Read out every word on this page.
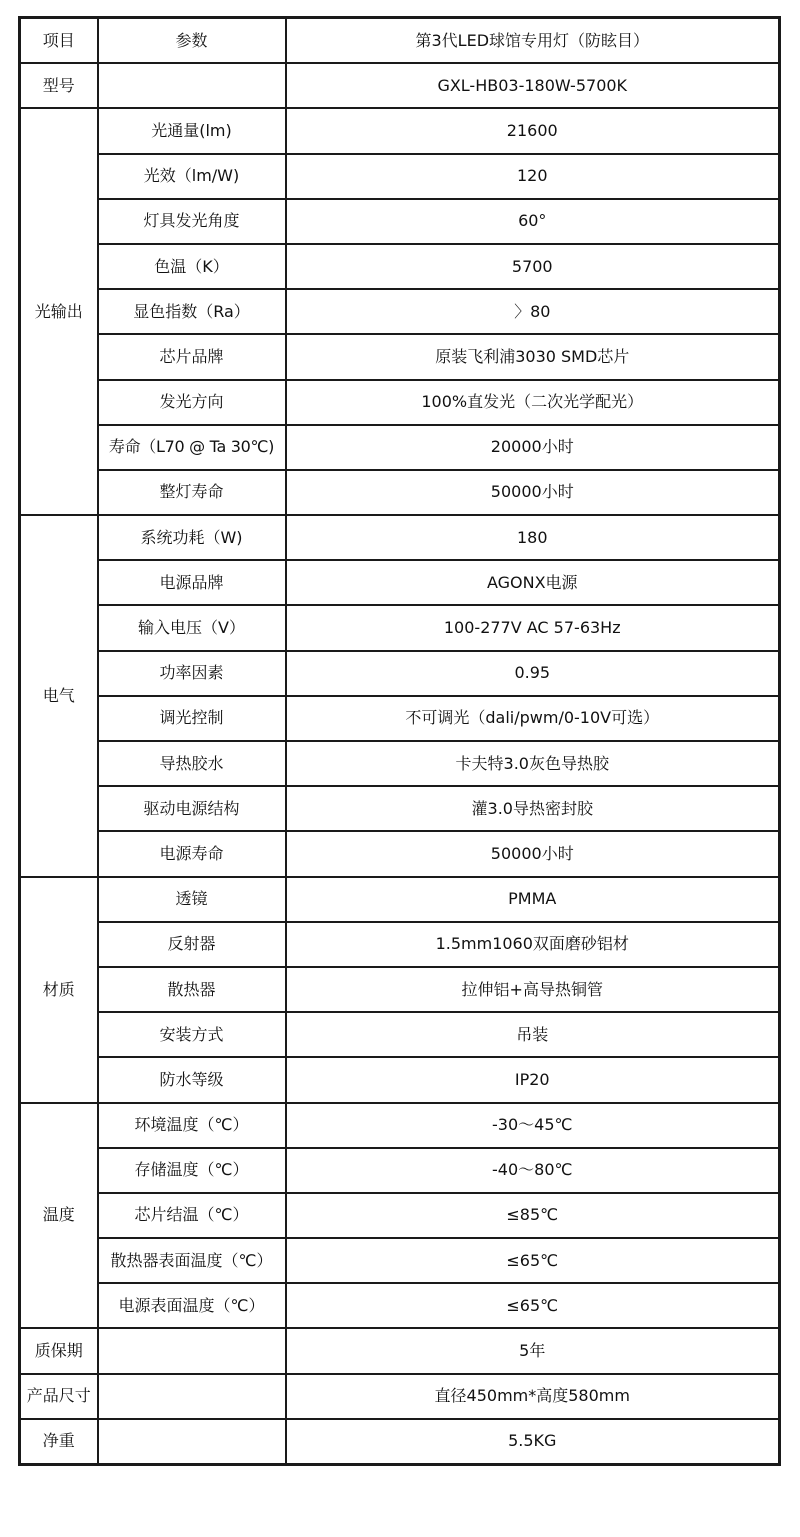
项目	参数	第3代LED球馆专用灯（防眩目）
型号		GXL-HB03-180W-5700K
光输出	光通量(lm)	21600
	光效（lm/W)	120
	灯具发光角度	60°
	色温（K）	5700
	显色指数（Ra）	〉80
	芯片品牌	原装飞利浦3030 SMD芯片
	发光方向	100%直发光（二次光学配光）
	寿命（L70 @ Ta 30℃)	20000小时
	整灯寿命	50000小时
电气	系统功耗（W)	180
	电源品牌	AGONX电源
	输入电压（V）	100-277V AC 57-63Hz
	功率因素	0.95
	调光控制	不可调光（dali/pwm/0-10V可选）
	导热胶水	卡夫特3.0灰色导热胶
	驱动电源结构	灌3.0导热密封胶
	电源寿命	50000小时
材质	透镜	PMMA
	反射器	1.5mm1060双面磨砂铝材
	散热器	拉伸铝+高导热铜管
	安装方式	吊装
	防水等级	IP20
温度	环境温度（℃）	-30～45℃
	存储温度（℃）	-40～80℃
	芯片结温（℃）	≤85℃
	散热器表面温度（℃）	≤65℃
	电源表面温度（℃）	≤65℃
质保期		5年
产品尺寸		直径450mm*高度580mm
净重		5.5KG
